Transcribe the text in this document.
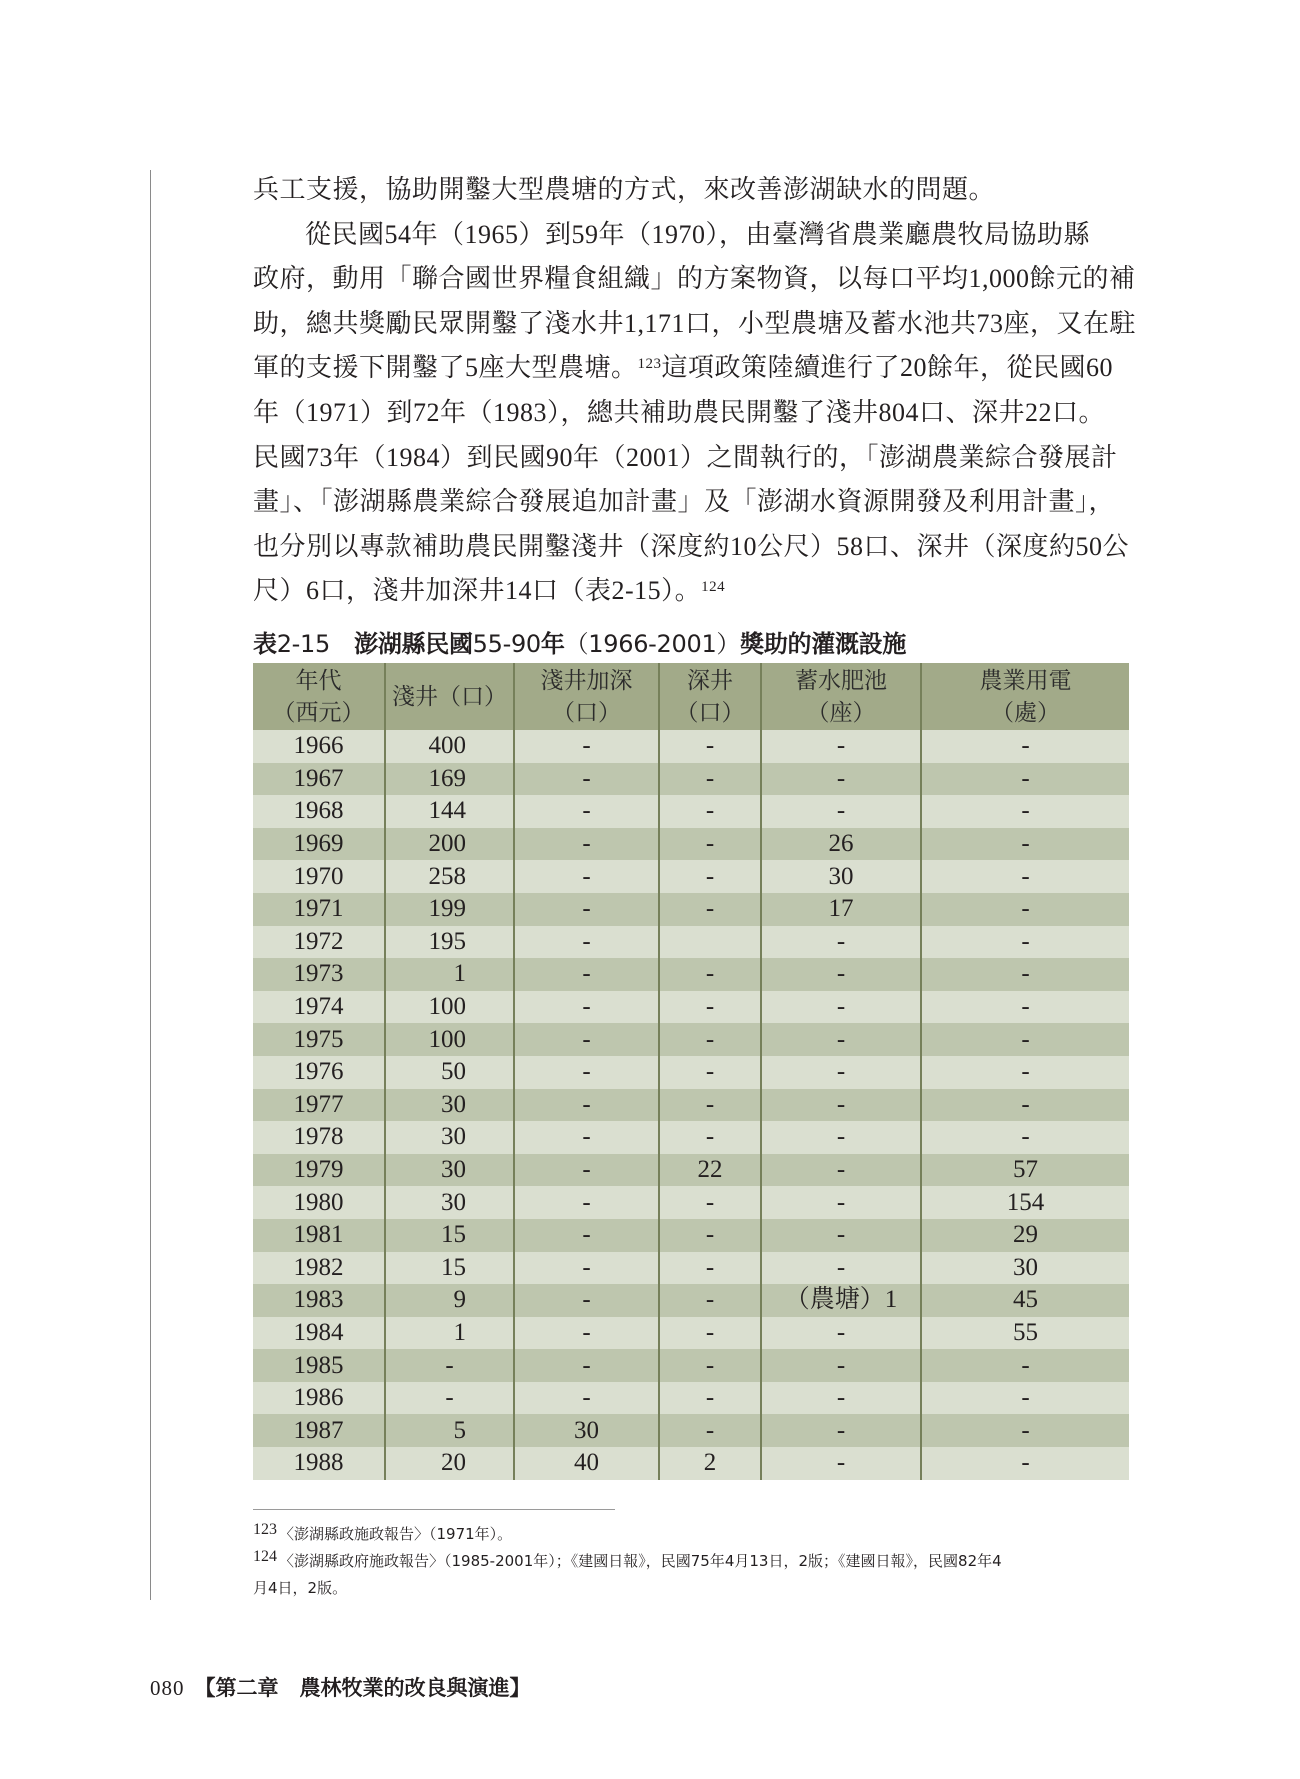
兵工支援，協助開鑿大型農塘的方式，來改善澎湖缺水的問題。
從民國54年（1965）到59年（1970），由臺灣省農業廳農牧局協助縣
政府，動用「聯合國世界糧食組織」的方案物資，以每口平均1,000餘元的補
助，總共獎勵民眾開鑿了淺水井1,171口，小型農塘及蓄水池共73座，又在駐
軍的支援下開鑿了5座大型農塘。$^{123}$這項政策陸續進行了20餘年，從民國60
年（1971）到72年（1983），總共補助農民開鑿了淺井804口、深井22口。
民國73年（1984）到民國90年（2001）之間執行的，「澎湖農業綜合發展計
畫」、「澎湖縣農業綜合發展追加計畫」及「澎湖水資源開發及利用計畫」，
也分別以專款補助農民開鑿淺井（深度約10公尺）58口、深井（深度約50公
尺）6口，淺井加深井14口（表2-15）。$^{124}$
表2-15 澎湖縣民國55-90年（1966-2001）獎助的灌溉設施
年代
（西元）	淺井（口）	淺井加深
（口）	深井
（口）	蓄水肥池
（座）	農業用電
（處）
1966	400	-	-	-	-
1967	169	-	-	-	-
1968	144	-	-	-	-
1969	200	-	-	26	-
1970	258	-	-	30	-
1971	199	-	-	17	-
1972	195	-		-	-
1973	1	-	-	-	-
1974	100	-	-	-	-
1975	100	-	-	-	-
1976	50	-	-	-	-
1977	30	-	-	-	-
1978	30	-	-	-	-
1979	30	-	22	-	57
1980	30	-	-	-	154
1981	15	-	-	-	29
1982	15	-	-	-	30
1983	9	-	-	（農塘）1	45
1984	1	-	-	-	55
1985	-	-	-	-	-
1986	-	-	-	-	-
1987	5	30	-	-	-
1988	20	40	2	-	-
123 〈澎湖縣政施政報告〉（1971年）。
124 〈澎湖縣政府施政報告〉（1985-2001年）；《建國日報》，民國75年4月13日，2版；《建國日報》，民國82年4
月4日，2版。
080 【第二章　農林牧業的改良與演進】
